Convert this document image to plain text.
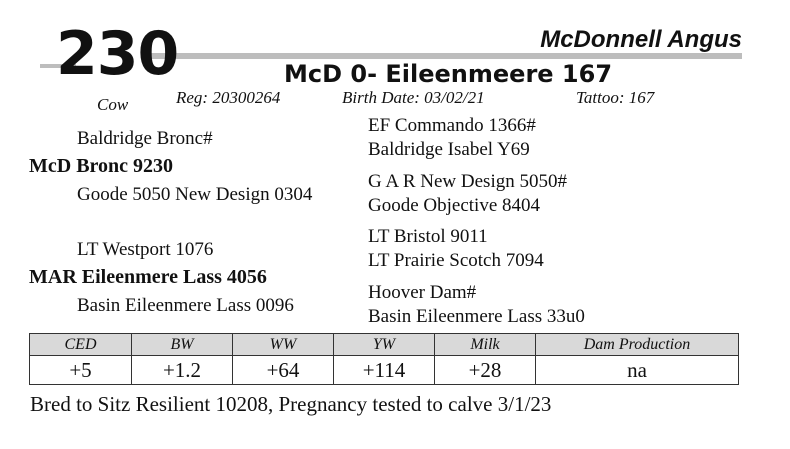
230	McDonnell Angus
McD 0- Eileenmeere 167
Cow	Reg: 20300264	Birth Date: 03/02/21	Tattoo: 167
Baldridge Bronc#
McD Bronc 9230
Goode 5050 New Design 0304
EF Commando 1366#
Baldridge Isabel Y69
G A R New Design 5050#
Goode Objective 8404
LT Westport 1076
MAR Eileenmere Lass 4056
Basin Eileenmere Lass 0096
LT Bristol 9011
LT Prairie Scotch 7094
Hoover Dam#
Basin Eileenmere Lass 33u0
CED	BW	WW	YW	Milk	Dam Production
+5	+1.2	+64	+114	+28	na
Bred to Sitz Resilient 10208, Pregnancy tested to calve 3/1/23
